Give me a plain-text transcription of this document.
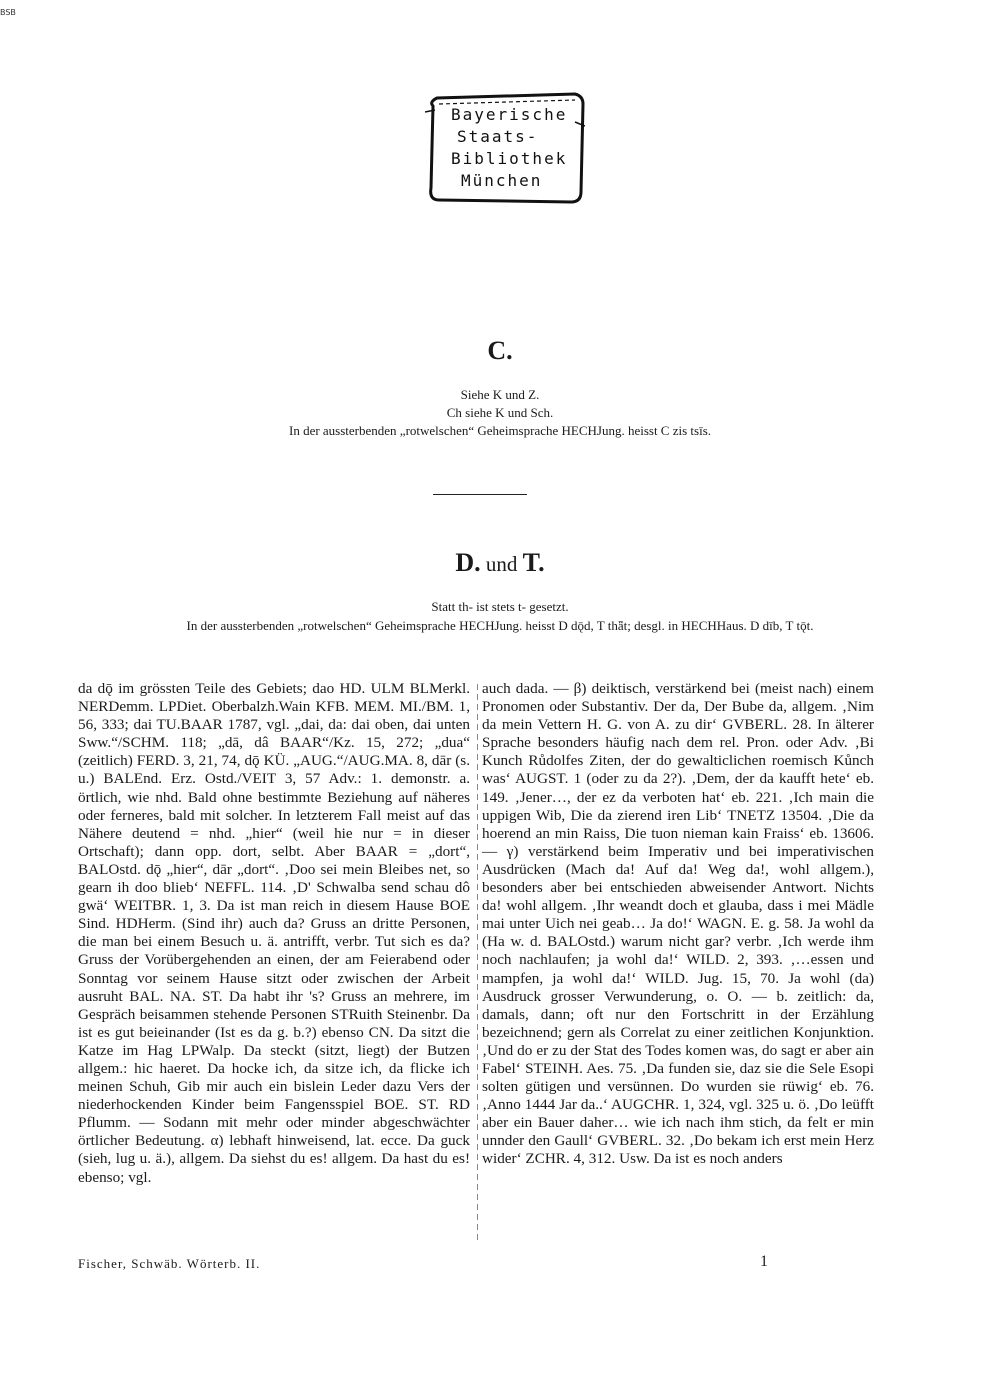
BSB
Bayerische
Staats-
Bibliothek
München
C.
Siehe K und Z.
Ch siehe K und Sch.
In der aussterbenden „rotwelschen“ Geheimsprache HECHJung. heisst C zis tsīs.
D. und T.
Statt th- ist stets t- gesetzt.
In der aussterbenden „rotwelschen“ Geheimsprache HECHJung. heisst D dǭd, T thǟt; desgl. in HECHHaus. D dīb, T tǭt.

da dǭ im grössten Teile des Gebiets; dao HD. ULM BLMerkl. NERDemm. LPDiet. Oberbalzh.Wain KFB. MEM. MI./BM. 1, 56, 333; dai TU.BAAR 1787, vgl. „dai, da: dai oben, dai unten Sww.“/SCHM. 118; „dā, dâ BAAR“/Kz. 15, 272; „dua“ (zeitlich) FERD. 3, 21, 74, dǭ KÜ. „AUG.“/AUG.MA. 8, dār (s. u.) BALEnd. Erz. Ostd./VEIT 3, 57 Adv.: 1. demonstr. a. örtlich, wie nhd. Bald ohne bestimmte Beziehung auf näheres oder ferneres, bald mit solcher. In letzterem Fall meist auf das Nähere deutend = nhd. „hier“ (weil hie nur = in dieser Ortschaft); dann opp. dort, selbt. Aber BAAR = „dort“, BALOstd. dǭ „hier“, dār „dort“. ‚Doo sei mein Bleibes net, so gearn ih doo blieb‘ NEFFL. 114. ‚D' Schwalba send schau dô gwä‘ WEITBR. 1, 3. Da ist man reich in diesem Hause BOE Sind. HDHerm. (Sind ihr) auch da? Gruss an dritte Personen, die man bei einem Besuch u. ä. antrifft, verbr. Tut sich es da? Gruss der Vorübergehenden an einen, der am Feierabend oder Sonntag vor seinem Hause sitzt oder zwischen der Arbeit ausruht BAL. NA. ST. Da habt ihr 's? Gruss an mehrere, im Gespräch beisammen stehende Personen STRuith Steinenbr. Da ist es gut beieinander (Ist es da g. b.?) ebenso CN. Da sitzt die Katze im Hag LPWalp. Da steckt (sitzt, liegt) der Butzen allgem.: hic haeret. Da hocke ich, da sitze ich, da flicke ich meinen Schuh, Gib mir auch ein bislein Leder dazu Vers der niederhockenden Kinder beim Fangensspiel BOE. ST. RD Pflumm. — Sodann mit mehr oder minder abgeschwächter örtlicher Bedeutung. α) lebhaft hinweisend, lat. ecce. Da guck (sieh, lug u. ä.), allgem. Da siehst du es! allgem. Da hast du es! ebenso; vgl.

auch dada. — β) deiktisch, verstärkend bei (meist nach) einem Pronomen oder Substantiv. Der da, Der Bube da, allgem. ‚Nim da mein Vettern H. G. von A. zu dir‘ GVBERL. 28. In älterer Sprache besonders häufig nach dem rel. Pron. oder Adv. ‚Bi Kunch Růdolfes Ziten, der do gewalticlichen roemisch Kůnch was‘ AUGST. 1 (oder zu da 2?). ‚Dem, der da kaufft hete‘ eb. 149. ‚Jener…, der ez da verboten hat‘ eb. 221. ‚Ich main die uppigen Wib, Die da zierend iren Lib‘ TNETZ 13504. ‚Die da hoerend an min Raiss, Die tuon nieman kain Fraiss‘ eb. 13606. — γ) verstärkend beim Imperativ und bei imperativischen Ausdrücken (Mach da! Auf da! Weg da!, wohl allgem.), besonders aber bei entschieden abweisender Antwort. Nichts da! wohl allgem. ‚Ihr weandt doch et glauba, dass i mei Mädle mai unter Uich nei geab… Ja do!‘ WAGN. E. g. 58. Ja wohl da (Ha w. d. BALOstd.) warum nicht gar? verbr. ‚Ich werde ihm noch nachlaufen; ja wohl da!‘ WILD. 2, 393. ‚…essen und mampfen, ja wohl da!‘ WILD. Jug. 15, 70. Ja wohl (da) Ausdruck grosser Verwunderung, o. O. — b. zeitlich: da, damals, dann; oft nur den Fortschritt in der Erzählung bezeichnend; gern als Correlat zu einer zeitlichen Konjunktion. ‚Und do er zu der Stat des Todes komen was, do sagt er aber ain Fabel‘ STEINH. Aes. 75. ‚Da funden sie, daz sie die Sele Esopi solten gütigen und versünnen. Do wurden sie rüwig‘ eb. 76. ‚Anno 1444 Jar da..‘ AUGCHR. 1, 324, vgl. 325 u. ö. ‚Do leüfft aber ein Bauer daher… wie ich nach ihm stich, da felt er min unnder den Gaull‘ GVBERL. 32. ‚Do bekam ich erst mein Herz wider‘ ZCHR. 4, 312. Usw. Da ist es noch anders

Fischer, Schwäb. Wörterb. II.	1
